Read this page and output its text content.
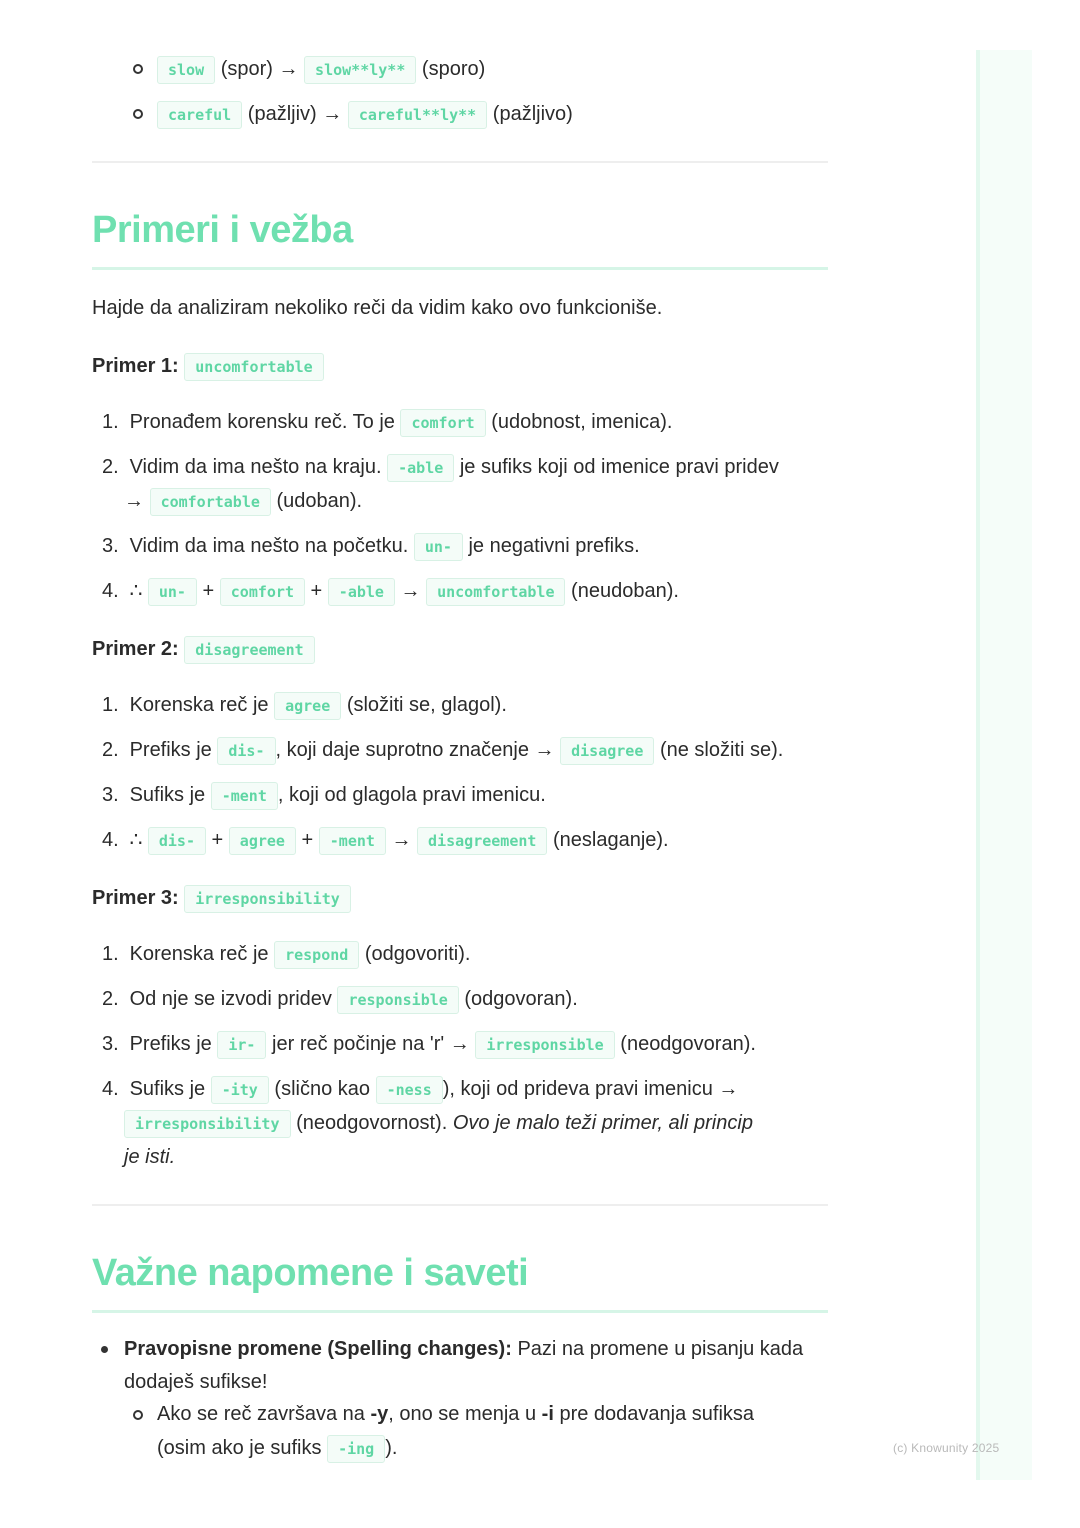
slow (spor) → slow**ly** (sporo)
careful (pažljiv) → careful**ly** (pažljivo)
Primeri i vežba
Hajde da analiziram nekoliko reči da vidim kako ovo funkcioniše.
Primer 1: uncomfortable
1. Pronađem korensku reč. To je comfort (udobnost, imenica).
2. Vidim da ima nešto na kraju. -able je sufiks koji od imenice pravi pridev
→ comfortable (udoban).
3. Vidim da ima nešto na početku. un- je negativni prefiks.
4. ∴ un- + comfort + -able → uncomfortable (neudoban).
Primer 2: disagreement
1. Korenska reč je agree (složiti se, glagol).
2. Prefiks je dis- , koji daje suprotno značenje → disagree (ne složiti se).
3. Sufiks je -ment , koji od glagola pravi imenicu.
4. ∴ dis- + agree + -ment → disagreement (neslaganje).
Primer 3: irresponsibility
1. Korenska reč je respond (odgovoriti).
2. Od nje se izvodi pridev responsible (odgovoran).
3. Prefiks je ir- jer reč počinje na 'r' → irresponsible (neodgovoran).
4. Sufiks je -ity (slično kao -ness ), koji od prideva pravi imenicu →
irresponsibility (neodgovornost). Ovo je malo teži primer, ali princip
je isti.
Važne napomene i saveti
Pravopisne promene (Spelling changes): Pazi na promene u pisanju kada
dodaješ sufikse!
Ako se reč završava na -y, ono se menja u -i pre dodavanja sufiksa
(osim ako je sufiks -ing ).	(c) Knowunity 2025
